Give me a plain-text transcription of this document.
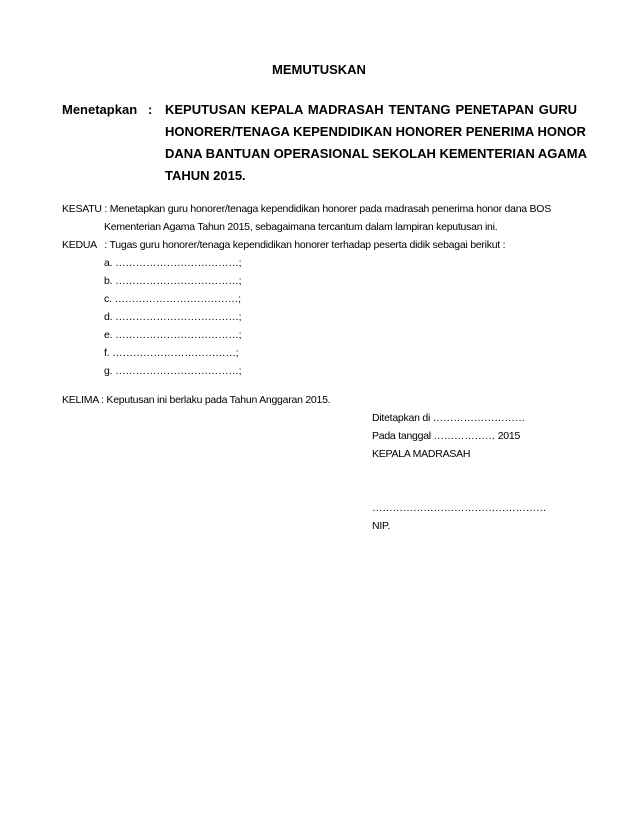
MEMUTUSKAN
Menetapkan : KEPUTUSAN KEPALA MADRASAH TENTANG PENETAPAN GURU
HONORER/TENAGA KEPENDIDIKAN HONORER PENERIMA HONOR
DANA BANTUAN OPERASIONAL SEKOLAH KEMENTERIAN AGAMA
TAHUN 2015.
KESATU : Menetapkan guru honorer/tenaga kependidikan honorer pada madrasah penerima honor dana BOS
Kementerian Agama Tahun 2015, sebagaimana tercantum dalam lampiran keputusan ini.
KEDUA   : Tugas guru honorer/tenaga kependidikan honorer terhadap peserta didik sebagai berikut :
a. ………………………………;
b. ………………………………;
c. ………………………………;
d. ………………………………;
e. ………………………………;
f. ………………………………;
g. ………………………………;
KELIMA : Keputusan ini berlaku pada Tahun Anggaran 2015.
Ditetapkan di ………………………
Pada tanggal ……………… 2015
KEPALA MADRASAH
……………………………………………
NIP.
